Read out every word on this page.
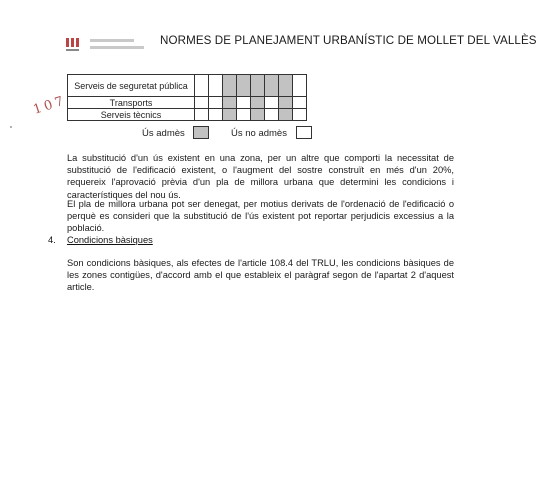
NORMES DE PLANEJAMENT URBANÍSTIC DE MOLLET DEL VALLÈS
107
Serveis de seguretat pública								
Transports								
Serveis tècnics								
Ús admès	Ús no admès
La substitució d'un ús existent en una zona, per un altre que comporti la necessitat de substitució de l'edificació existent, o l'augment del sostre construït en més d'un 20%, requereix l'aprovació prèvia d'un pla de millora urbana que determini les condicions i característiques del nou ús.
El pla de millora urbana pot ser denegat, per motius derivats de l'ordenació de l'edificació o perquè es consideri que la substitució de l'ús existent pot reportar perjudicis excessius a la població.
4. Condicions bàsiques
Son condicions bàsiques, als efectes de l'article 108.4 del TRLU, les condicions bàsiques de les zones contigües, d'accord amb el que estableix el paràgraf segon de l'apartat 2 d'aquest article.
